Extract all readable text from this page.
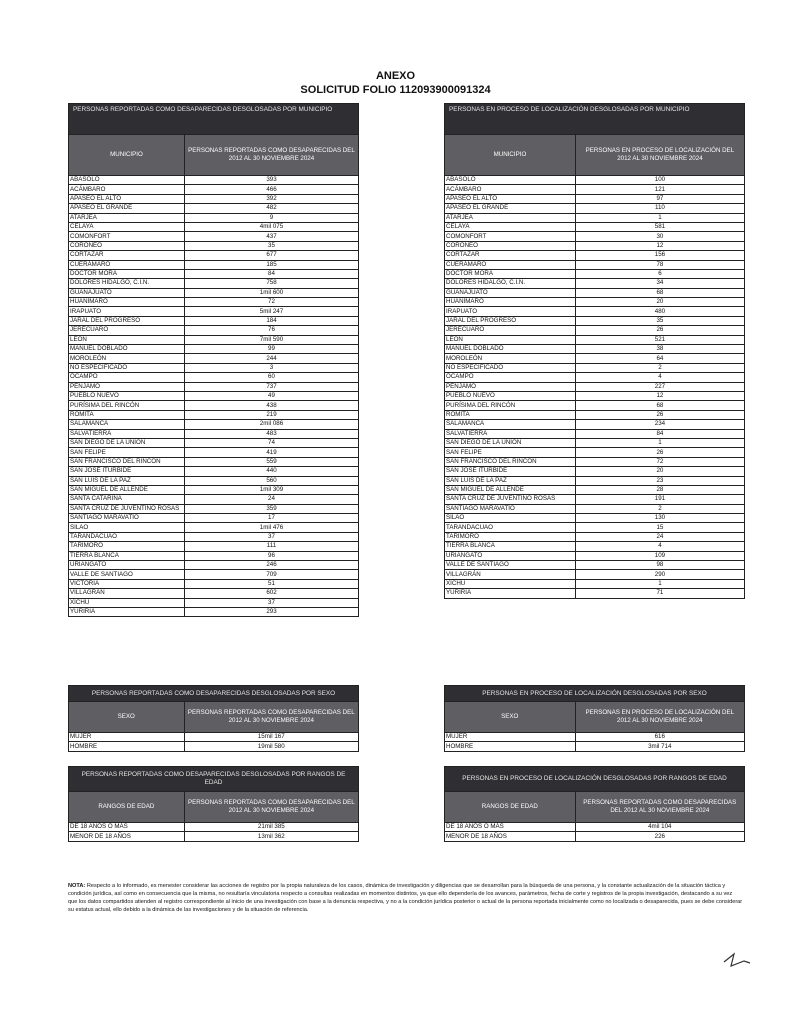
ANEXO
SOLICITUD FOLIO 112093900091324
PERSONAS REPORTADAS COMO DESAPARECIDAS DESGLOSADAS POR MUNICIPIO	
MUNICIPIO	PERSONAS REPORTADAS COMO DESAPARECIDAS DEL 2012 AL 30 NOVIEMBRE 2024
ABASOLO	393
ACÁMBARO	466
APASEO EL ALTO	392
APASEO EL GRANDE	482
ATARJEA	9
CELAYA	4mil 075
COMONFORT	437
CORONEO	35
CORTAZAR	677
CUERÁMARO	185
DOCTOR MORA	84
DOLORES HIDALGO, C.I.N.	758
GUANAJUATO	1mil 600
HUANÍMARO	72
IRAPUATO	5mil 247
JARAL DEL PROGRESO	184
JERÉCUARO	76
LEÓN	7mil 590
MANUEL DOBLADO	99
MOROLEÓN	244
NO ESPECIFICADO	3
OCAMPO	60
PÉNJAMO	737
PUEBLO NUEVO	49
PURÍSIMA DEL RINCÓN	438
ROMITA	219
SALAMANCA	2mil 086
SALVATIERRA	483
SAN DIEGO DE LA UNIÓN	74
SAN FELIPE	419
SAN FRANCISCO DEL RINCÓN	559
SAN JOSÉ ITURBIDE	440
SAN LUIS DE LA PAZ	560
SAN MIGUEL DE ALLENDE	1mil 309
SANTA CATARINA	24
SANTA CRUZ DE JUVENTINO ROSAS	359
SANTIAGO MARAVATÍO	17
SILAO	1mil 476
TARANDACUAO	37
TARIMORO	111
TIERRA BLANCA	96
URIANGATO	246
VALLE DE SANTIAGO	709
VICTORIA	51
VILLAGRÁN	602
XICHÚ	37
YURIRIA	293
PERSONAS EN PROCESO DE LOCALIZACIÓN DESGLOSADAS POR MUNICIPIO	
MUNICIPIO	PERSONAS EN PROCESO DE LOCALIZACIÓN DEL 2012 AL 30 NOVIEMBRE 2024
ABASOLO	100
ACÁMBARO	121
APASEO EL ALTO	97
APASEO EL GRANDE	110
ATARJEA	1
CELAYA	581
COMONFORT	30
CORONEO	12
CORTAZAR	156
CUERÁMARO	78
DOCTOR MORA	6
DOLORES HIDALGO, C.I.N.	34
GUANAJUATO	68
HUANÍMARO	20
IRAPUATO	480
JARAL DEL PROGRESO	35
JERÉCUARO	26
LEÓN	521
MANUEL DOBLADO	38
MOROLEÓN	64
NO ESPECIFICADO	2
OCAMPO	4
PÉNJAMO	227
PUEBLO NUEVO	12
PURÍSIMA DEL RINCÓN	68
ROMITA	26
SALAMANCA	234
SALVATIERRA	84
SAN DIEGO DE LA UNIÓN	1
SAN FELIPE	26
SAN FRANCISCO DEL RINCÓN	72
SAN JOSÉ ITURBIDE	20
SAN LUIS DE LA PAZ	23
SAN MIGUEL DE ALLENDE	28
SANTA CRUZ DE JUVENTINO ROSAS	191
SANTIAGO MARAVATÍO	2
SILAO	130
TARANDACUAO	15
TARIMORO	24
TIERRA BLANCA	4
URIANGATO	109
VALLE DE SANTIAGO	98
VILLAGRÁN	290
XICHÚ	1
YURIRIA	71
PERSONAS REPORTADAS COMO DESAPARECIDAS DESGLOSADAS POR SEXO	
SEXO	PERSONAS REPORTADAS COMO DESAPARECIDAS DEL 2012 AL 30 NOVIEMBRE 2024
MUJER	15mil 167
HOMBRE	19mil 580
PERSONAS EN PROCESO DE LOCALIZACIÓN DESGLOSADAS POR SEXO	
SEXO	PERSONAS EN PROCESO DE LOCALIZACIÓN DEL 2012 AL 30 NOVIEMBRE 2024
MUJER	616
HOMBRE	3mil 714
PERSONAS REPORTADAS COMO DESAPARECIDAS DESGLOSADAS POR RANGOS DE EDAD	
RANGOS DE EDAD	PERSONAS REPORTADAS COMO DESAPARECIDAS DEL 2012 AL 30 NOVIEMBRE 2024
DE 18 AÑOS O MÁS	21mil 385
MENOR DE 18 AÑOS	13mil 362
PERSONAS EN PROCESO DE LOCALIZACIÓN DESGLOSADAS POR RANGOS DE EDAD	
RANGOS DE EDAD	PERSONAS REPORTADAS COMO DESAPARECIDAS DEL 2012 AL 30 NOVIEMBRE 2024
DE 18 AÑOS O MÁS	4mil 104
MENOR DE 18 AÑOS	226
NOTA: Respecto a lo informado, es menester considerar las acciones de registro por la propia naturaleza de los casos, dinámica de investigación y diligencias que se desarrollan para la búsqueda de una persona, y la constante actualización de la situación táctica y condición jurídica, así como en consecuencia que la misma, no resultaría vinculatoria respecto a consultas realizadas en momentos distintos, ya que ello dependería de los avances, parámetros, fecha de corte y registros de la propia investigación, destacando a su vez que los datos compartidos atienden al registro correspondiente al inicio de una investigación con base a la denuncia respectiva, y no a la condición jurídica posterior o actual de la persona reportada inicialmente como no localizada o desaparecida, pues se debe considerar su estatus actual, ello debido a la dinámica de las investigaciones y de la situación de referencia.
